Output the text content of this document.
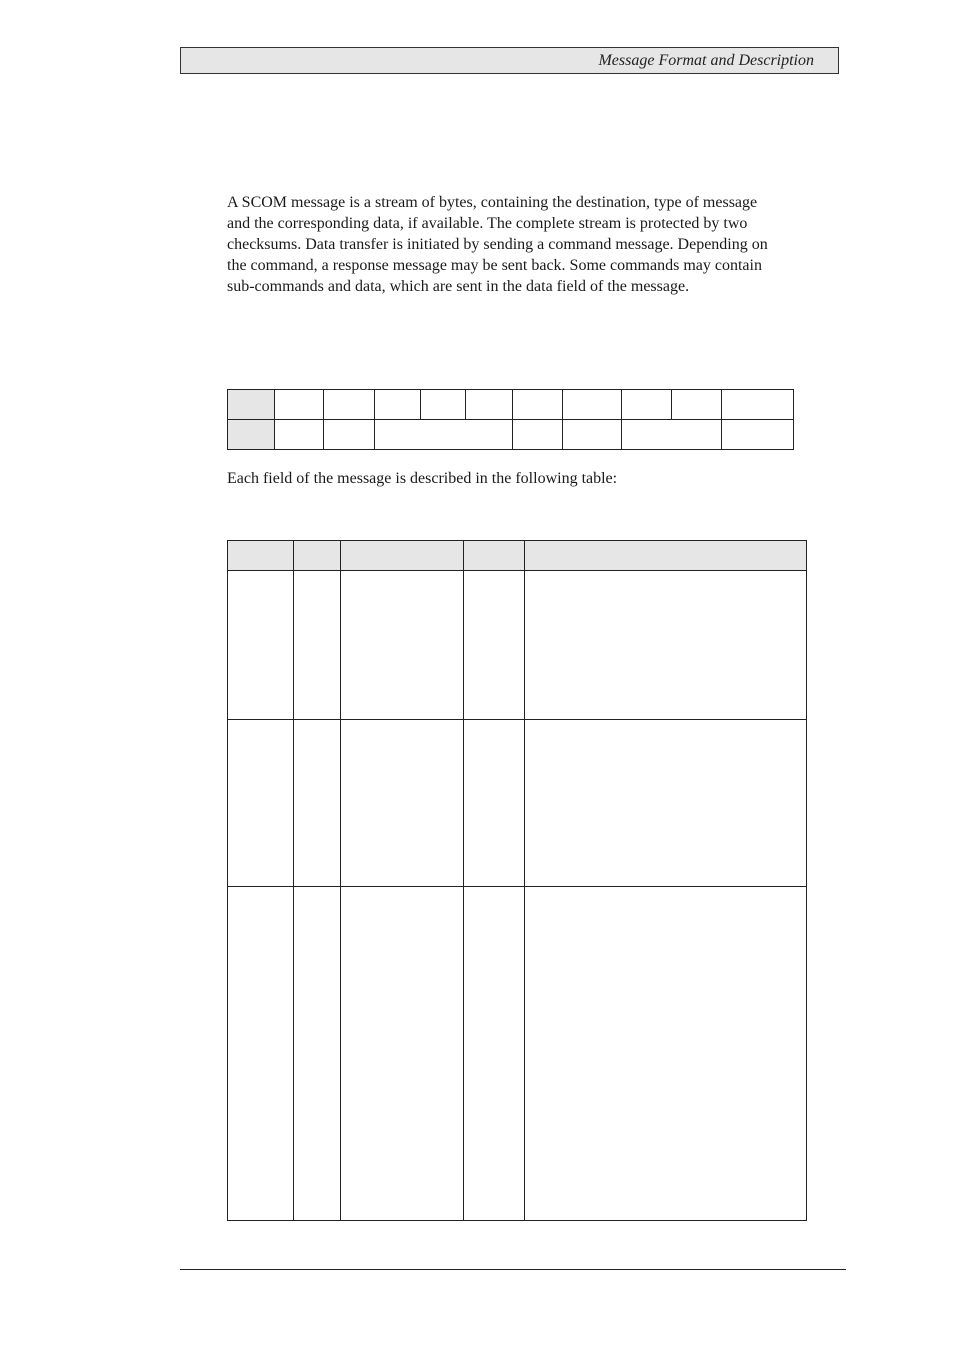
Message Format and Description

A SCOM message is a stream of bytes, containing the destination, type of message
and the corresponding data, if available. The complete stream is protected by two
checksums. Data transfer is initiated by sending a command message. Depending on
the command, a response message may be sent back. Some commands may contain
sub-commands and data, which are sent in the data field of the message.

Each field of the message is described in the following table:
